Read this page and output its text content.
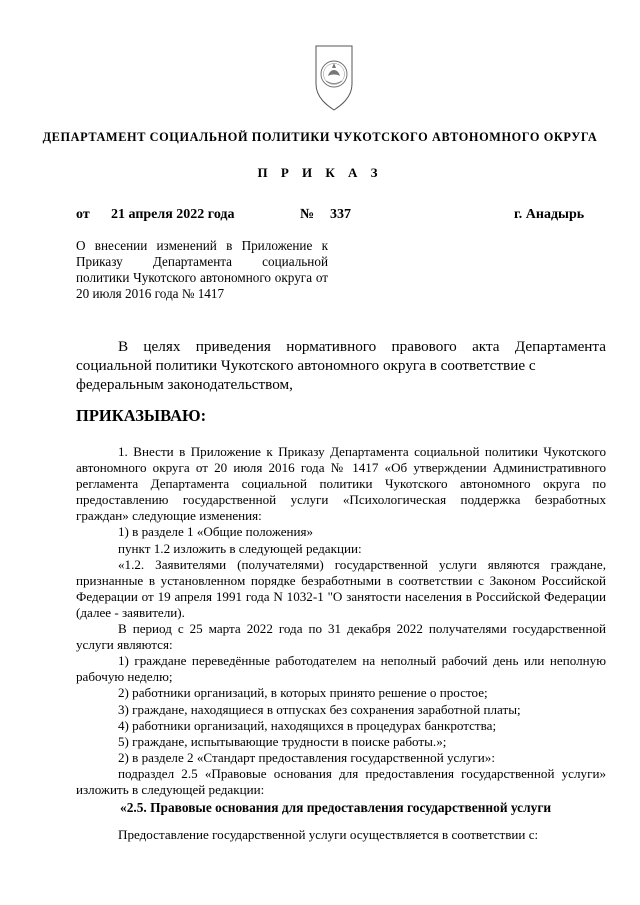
ДЕПАРТАМЕНТ СОЦИАЛЬНОЙ ПОЛИТИКИ ЧУКОТСКОГО АВТОНОМНОГО ОКРУГА
П Р И К А З
от 21 апреля 2022 года	№ 337	г. Анадырь
О внесении изменений в Приложение к Приказу Департамента социальной политики Чукотского автономного округа от 20 июля 2016 года № 1417

В целях приведения нормативного правового акта Департамента социальной политики Чукотского автономного округа в соответствие с

федеральным законодательством,

ПРИКАЗЫВАЮ:

1. Внести в Приложение к Приказу Департамента социальной политики Чукотского автономного округа от 20 июля 2016 года № 1417 «Об утверждении Административного регламента Департамента социальной политики Чукотского автономного округа по предоставлению государственной услуги «Психологическая поддержка безработных граждан» следующие изменения:

1) в разделе 1 «Общие положения»

пункт 1.2 изложить в следующей редакции:

«1.2. Заявителями (получателями) государственной услуги являются граждане, признанные в установленном порядке безработными в соответствии с Законом Российской Федерации от 19 апреля 1991 года N 1032-1 "О занятости населения в Российской Федерации (далее - заявители).

В период с 25 марта 2022 года по 31 декабря 2022 получателями государственной услуги являются:

1) граждане переведённые работодателем на неполный рабочий день или неполную рабочую неделю;

2) работники организаций, в которых принято решение о простое;

3) граждане, находящиеся в отпусках без сохранения заработной платы;

4) работники организаций, находящихся в процедурах банкротства;

5) граждане, испытывающие трудности в поиске работы.»;

2) в разделе 2 «Стандарт предоставления государственной услуги»:

подраздел 2.5 «Правовые основания для предоставления государственной услуги» изложить в следующей редакции:

«2.5. Правовые основания для предоставления государственной услуги

Предоставление государственной услуги осуществляется в соответствии с:
